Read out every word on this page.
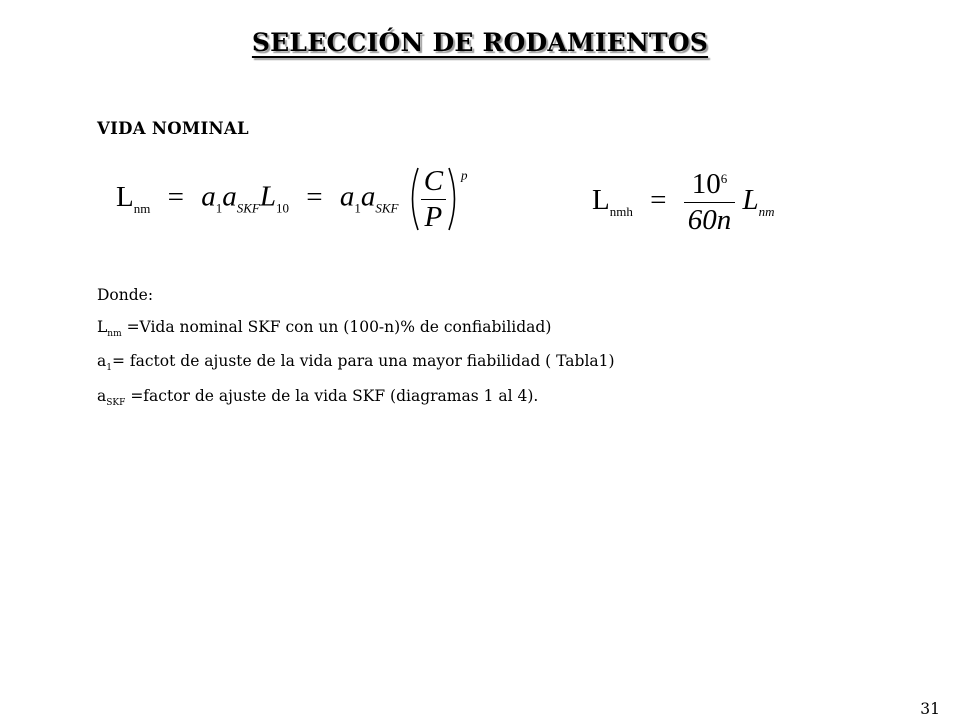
SELECCIÓN DE RODAMIENTOS
VIDA NOMINAL
$L_{nm} = a_1a_{SKF}L_{10} = a_1a_{SKF} \frac{C}{P} ^p$
$L_{nmh} = \frac{10^6}{60n} L_{nm}$
Donde:
$L_{nm}$ =Vida nominal SKF con un (100-n)% de confiabilidad)
$a_1=$ factot de ajuste de la vida para una mayor fiabilidad ( Tabla1)
$a_{SKF}$ =factor de ajuste de la vida SKF (diagramas 1 al 4).
31
